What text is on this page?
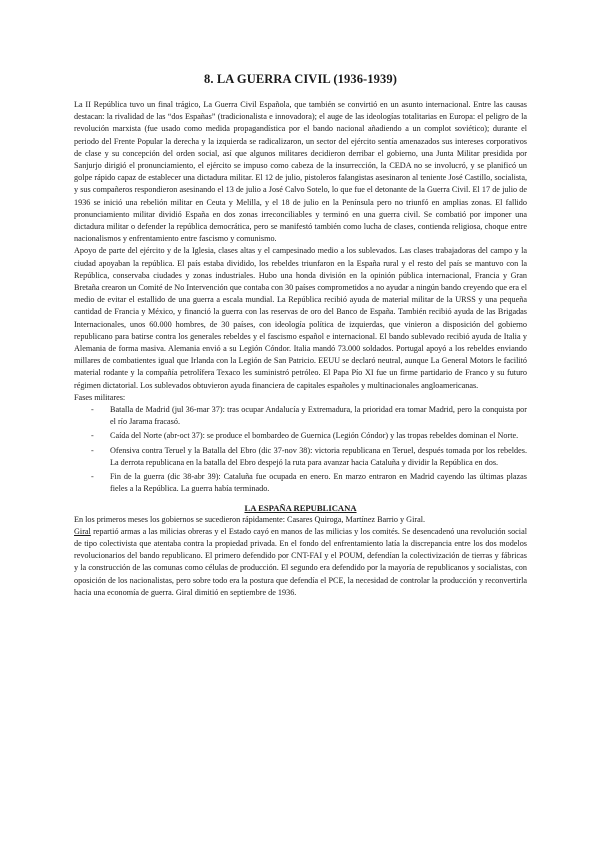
8. LA GUERRA CIVIL (1936-1939)

La II República tuvo un final trágico, La Guerra Civil Española, que también se convirtió en un asunto internacional. Entre las causas destacan: la rivalidad de las “dos Españas” (tradicionalista e innovadora); el auge de las ideologías totalitarias en Europa: el peligro de la revolución marxista (fue usado como medida propagandística por el bando nacional añadiendo a un complot soviético); durante el periodo del Frente Popular la derecha y la izquierda se radicalizaron, un sector del ejército sentía amenazados sus intereses corporativos de clase y su concepción del orden social, así que algunos militares decidieron derribar el gobierno, una Junta Militar presidida por Sanjurjo dirigió el pronunciamiento, el ejército se impuso como cabeza de la insurrección, la CEDA no se involucró, y se planificó un golpe rápido capaz de establecer una dictadura militar. El 12 de julio, pistoleros falangistas asesinaron al teniente José Castillo, socialista, y sus compañeros respondieron asesinando el 13 de julio a José Calvo Sotelo, lo que fue el detonante de la Guerra Civil. El 17 de julio de 1936 se inició una rebelión militar en Ceuta y Melilla, y el 18 de julio en la Península pero no triunfó en amplias zonas. El fallido pronunciamiento militar dividió España en dos zonas irreconciliables y terminó en una guerra civil. Se combatió por imponer una dictadura militar o defender la república democrática, pero se manifestó también como lucha de clases, contienda religiosa, choque entre nacionalismos y enfrentamiento entre fascismo y comunismo.

Apoyo de parte del ejército y de la Iglesia, clases altas y el campesinado medio a los sublevados. Las clases trabajadoras del campo y la ciudad apoyaban la república. El país estaba dividido, los rebeldes triunfaron en la España rural y el resto del país se mantuvo con la República, conservaba ciudades y zonas industriales. Hubo una honda división en la opinión pública internacional, Francia y Gran Bretaña crearon un Comité de No Intervención que contaba con 30 países comprometidos a no ayudar a ningún bando creyendo que era el medio de evitar el estallido de una guerra a escala mundial. La República recibió ayuda de material militar de la URSS y una pequeña cantidad de Francia y México, y financió la guerra con las reservas de oro del Banco de España. También recibió ayuda de las Brigadas Internacionales, unos 60.000 hombres, de 30 países, con ideología política de izquierdas, que vinieron a disposición del gobierno republicano para batirse contra los generales rebeldes y el fascismo español e internacional. El bando sublevado recibió ayuda de Italia y Alemania de forma masiva. Alemania envió a su Legión Cóndor. Italia mandó 73.000 soldados. Portugal apoyó a los rebeldes enviando millares de combatientes igual que Irlanda con la Legión de San Patricio. EEUU se declaró neutral, aunque La General Motors le facilitó material rodante y la compañía petrolífera Texaco les suministró petróleo. El Papa Pío XI fue un firme partidario de Franco y su futuro régimen dictatorial. Los sublevados obtuvieron ayuda financiera de capitales españoles y multinacionales angloamericanas.

Fases militares:

- Batalla de Madrid (jul 36-mar 37): tras ocupar Andalucía y Extremadura, la prioridad era tomar Madrid, pero la conquista por el río Jarama fracasó.
- Caída del Norte (abr-oct 37): se produce el bombardeo de Guernica (Legión Cóndor) y las tropas rebeldes dominan el Norte.
- Ofensiva contra Teruel y la Batalla del Ebro (dic 37-nov 38): victoria republicana en Teruel, después tomada por los rebeldes. La derrota republicana en la batalla del Ebro despejó la ruta para avanzar hacia Cataluña y dividir la República en dos.
- Fin de la guerra (dic 38-abr 39): Cataluña fue ocupada en enero. En marzo entraron en Madrid cayendo las últimas plazas fieles a la República. La guerra había terminado.
LA ESPAÑA REPUBLICANA

En los primeros meses los gobiernos se sucedieron rápidamente: Casares Quiroga, Martínez Barrio y Giral.

Giral repartió armas a las milicias obreras y el Estado cayó en manos de las milicias y los comités. Se desencadenó una revolución social de tipo colectivista que atentaba contra la propiedad privada. En el fondo del enfrentamiento latía la discrepancia entre los dos modelos revolucionarios del bando republicano. El primero defendido por CNT-FAI y el POUM, defendían la colectivización de tierras y fábricas y la construcción de las comunas como células de producción. El segundo era defendido por la mayoría de republicanos y socialistas, con oposición de los nacionalistas, pero sobre todo era la postura que defendía el PCE, la necesidad de controlar la producción y reconvertirla hacia una economía de guerra. Giral dimitió en septiembre de 1936.
